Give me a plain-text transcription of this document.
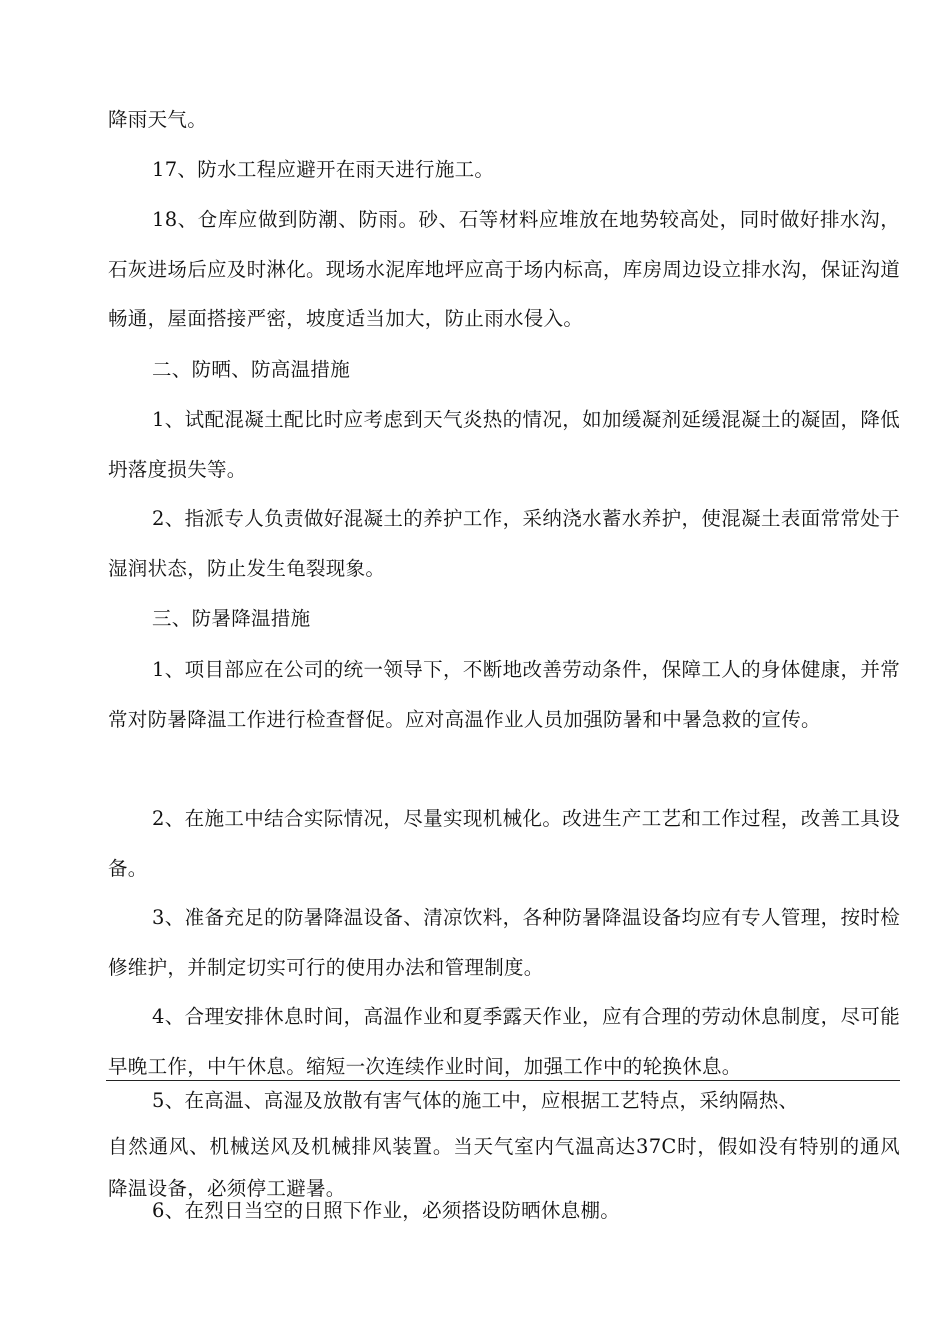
降雨天气。

17、防水工程应避开在雨天进行施工。

18、仓库应做到防潮、防雨。砂、石等材料应堆放在地势较高处，同时做好排水沟，石灰进场后应及时淋化。现场水泥库地坪应高于场内标高，库房周边设立排水沟，保证沟道畅通，屋面搭接严密，坡度适当加大，防止雨水侵入。

二、防晒、防高温措施

1、试配混凝土配比时应考虑到天气炎热的情况，如加缓凝剂延缓混凝土的凝固，降低坍落度损失等。

2、指派专人负责做好混凝土的养护工作，采纳浇水蓄水养护，使混凝土表面常常处于湿润状态，防止发生龟裂现象。

三、防暑降温措施

1、项目部应在公司的统一领导下，不断地改善劳动条件，保障工人的身体健康，并常常对防暑降温工作进行检查督促。应对高温作业人员加强防暑和中暑急救的宣传。

2、在施工中结合实际情况，尽量实现机械化。改进生产工艺和工作过程，改善工具设备。

3、准备充足的防暑降温设备、清凉饮料，各种防暑降温设备均应有专人管理，按时检修维护，并制定切实可行的使用办法和管理制度。

4、合理安排休息时间，高温作业和夏季露天作业，应有合理的劳动休息制度，尽可能早晚工作，中午休息。缩短一次连续作业时间，加强工作中的轮换休息。

5、在高温、高湿及放散有害气体的施工中，应根据工艺特点，采纳隔热、

自然通风、机械送风及机械排风装置。当天气室内气温高达37C时，假如没有特别的通风降温设备，必须停工避暑。

6、在烈日当空的日照下作业，必须搭设防晒休息棚。
